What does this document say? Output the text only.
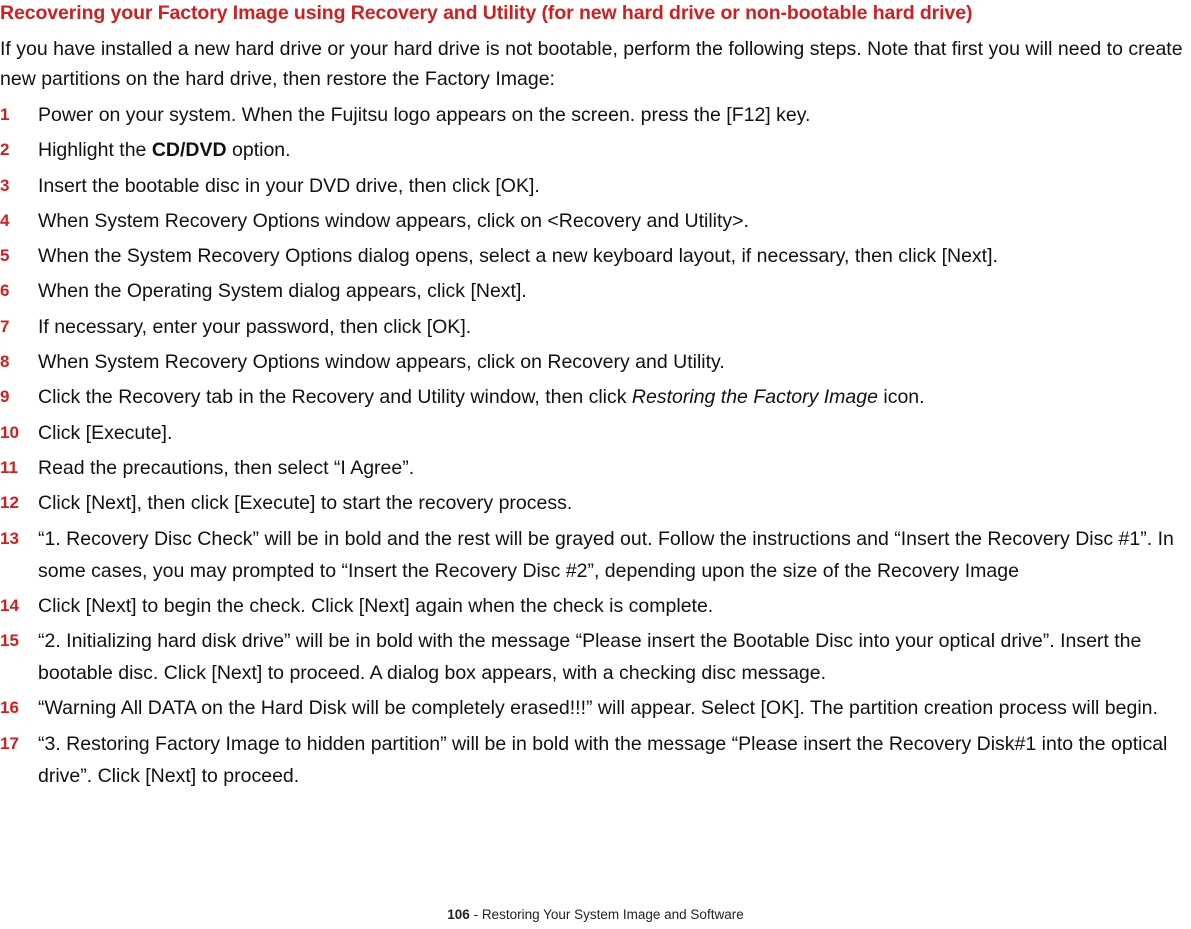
Recovering your Factory Image using Recovery and Utility (for new hard drive or non-bootable hard drive)
If you have installed a new hard drive or your hard drive is not bootable, perform the following steps. Note that first you will need to create new partitions on the hard drive, then restore the Factory Image:
1	Power on your system. When the Fujitsu logo appears on the screen. press the [F12] key.
2	Highlight the CD/DVD option.
3	Insert the bootable disc in your DVD drive, then click [OK].
4	When System Recovery Options window appears, click on <Recovery and Utility>.
5	When the System Recovery Options dialog opens, select a new keyboard layout, if necessary, then click [Next].
6	When the Operating System dialog appears, click [Next].
7	If necessary, enter your password, then click [OK].
8	When System Recovery Options window appears, click on Recovery and Utility.
9	Click the Recovery tab in the Recovery and Utility window, then click Restoring the Factory Image icon.
10 Click [Execute].
11	Read the precautions, then select “I Agree”.
12 Click [Next], then click [Execute] to start the recovery process.
13 “1. Recovery Disc Check” will be in bold and the rest will be grayed out. Follow the instructions and “Insert the Recovery Disc #1”. In some cases, you may prompted to “Insert the Recovery Disc #2”, depending upon the size of the Recovery Image
14 Click [Next] to begin the check. Click [Next] again when the check is complete.
15 “2. Initializing hard disk drive” will be in bold with the message “Please insert the Bootable Disc into your optical drive”. Insert the bootable disc. Click [Next] to proceed. A dialog box appears, with a checking disc message.
16 “Warning All DATA on the Hard Disk will be completely erased!!!” will appear. Select [OK]. The partition creation process will begin.
17 “3. Restoring Factory Image to hidden partition” will be in bold with the message “Please insert the Recovery Disk#1 into the optical drive”. Click [Next] to proceed.
106 - Restoring Your System Image and Software
